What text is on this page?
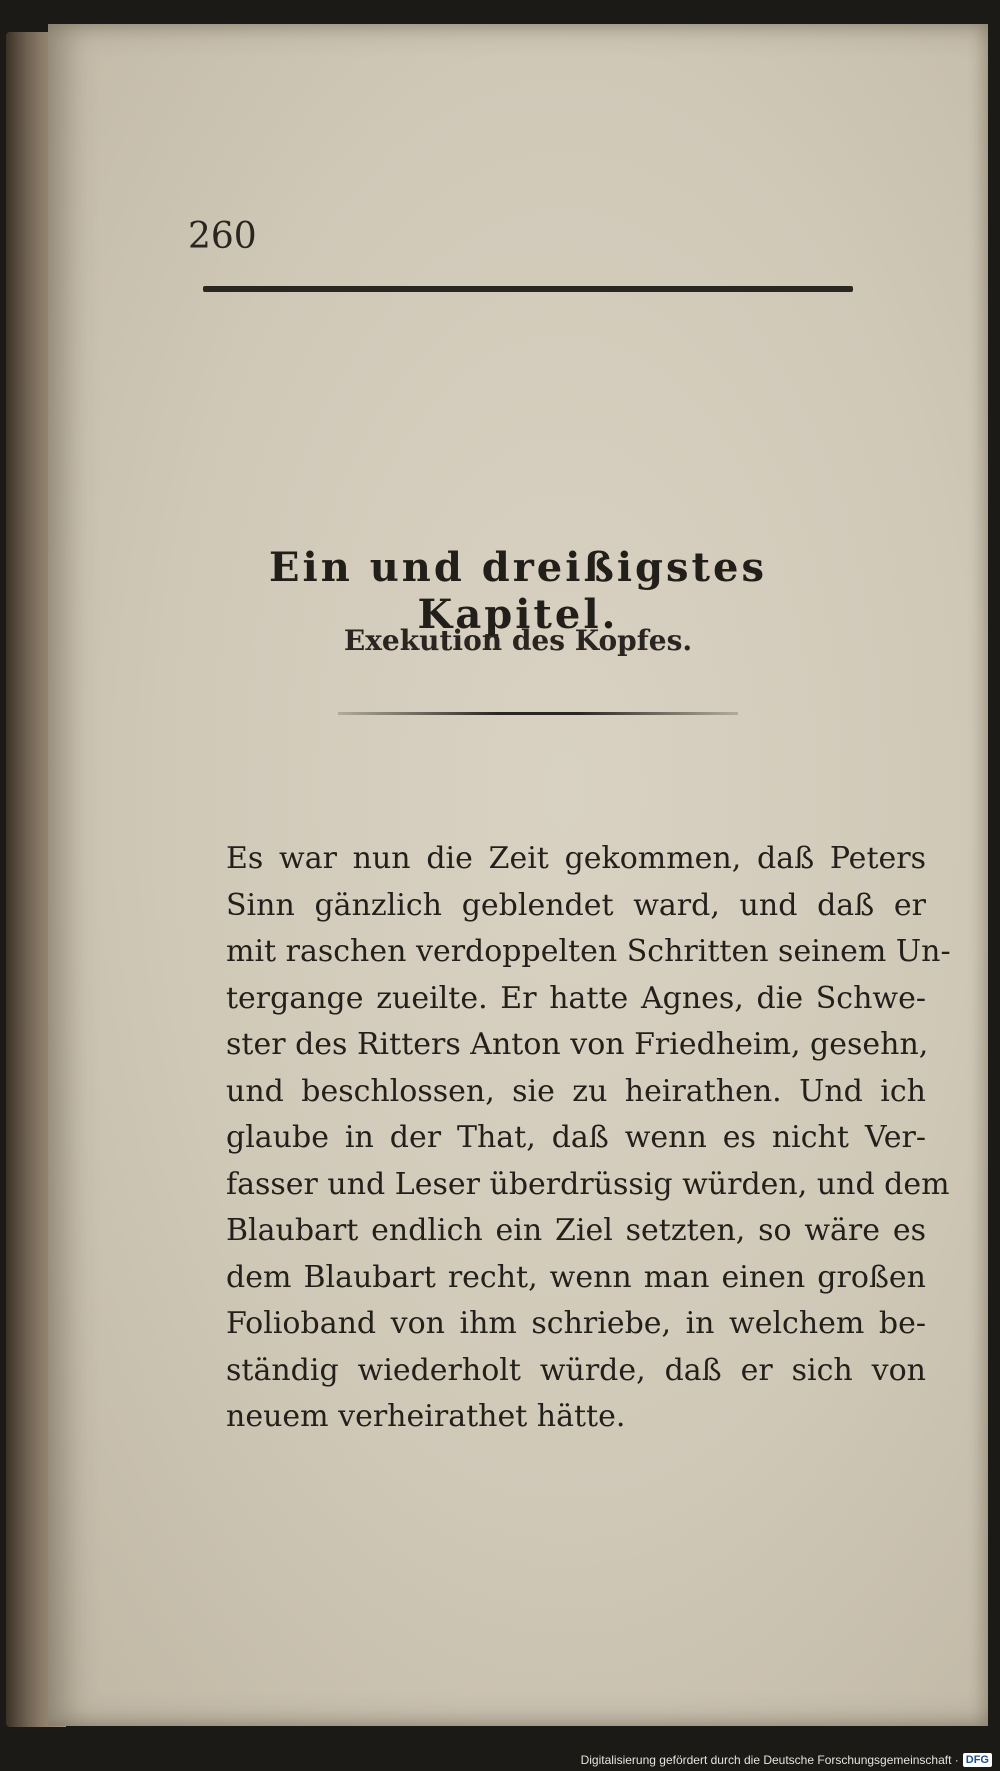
260
Ein und dreißigstes Kapitel.
Exekution des Kopfes.
Es war nun die Zeit gekommen, daß Peters
Sinn gänzlich geblendet ward, und daß er
mit raschen verdoppelten Schritten seinem Un-
tergange zueilte. Er hatte Agnes, die Schwe-
ster des Ritters Anton von Friedheim, gesehn,
und beschlossen, sie zu heirathen. Und ich
glaube in der That, daß wenn es nicht Ver-
fasser und Leser überdrüssig würden, und dem
Blaubart endlich ein Ziel setzten, so wäre es
dem Blaubart recht, wenn man einen großen
Folioband von ihm schriebe, in welchem be-
ständig wiederholt würde, daß er sich von
neuem verheirathet hätte.
Digitalisierung gefördert durch die Deutsche Forschungsgemeinschaft · DFG
